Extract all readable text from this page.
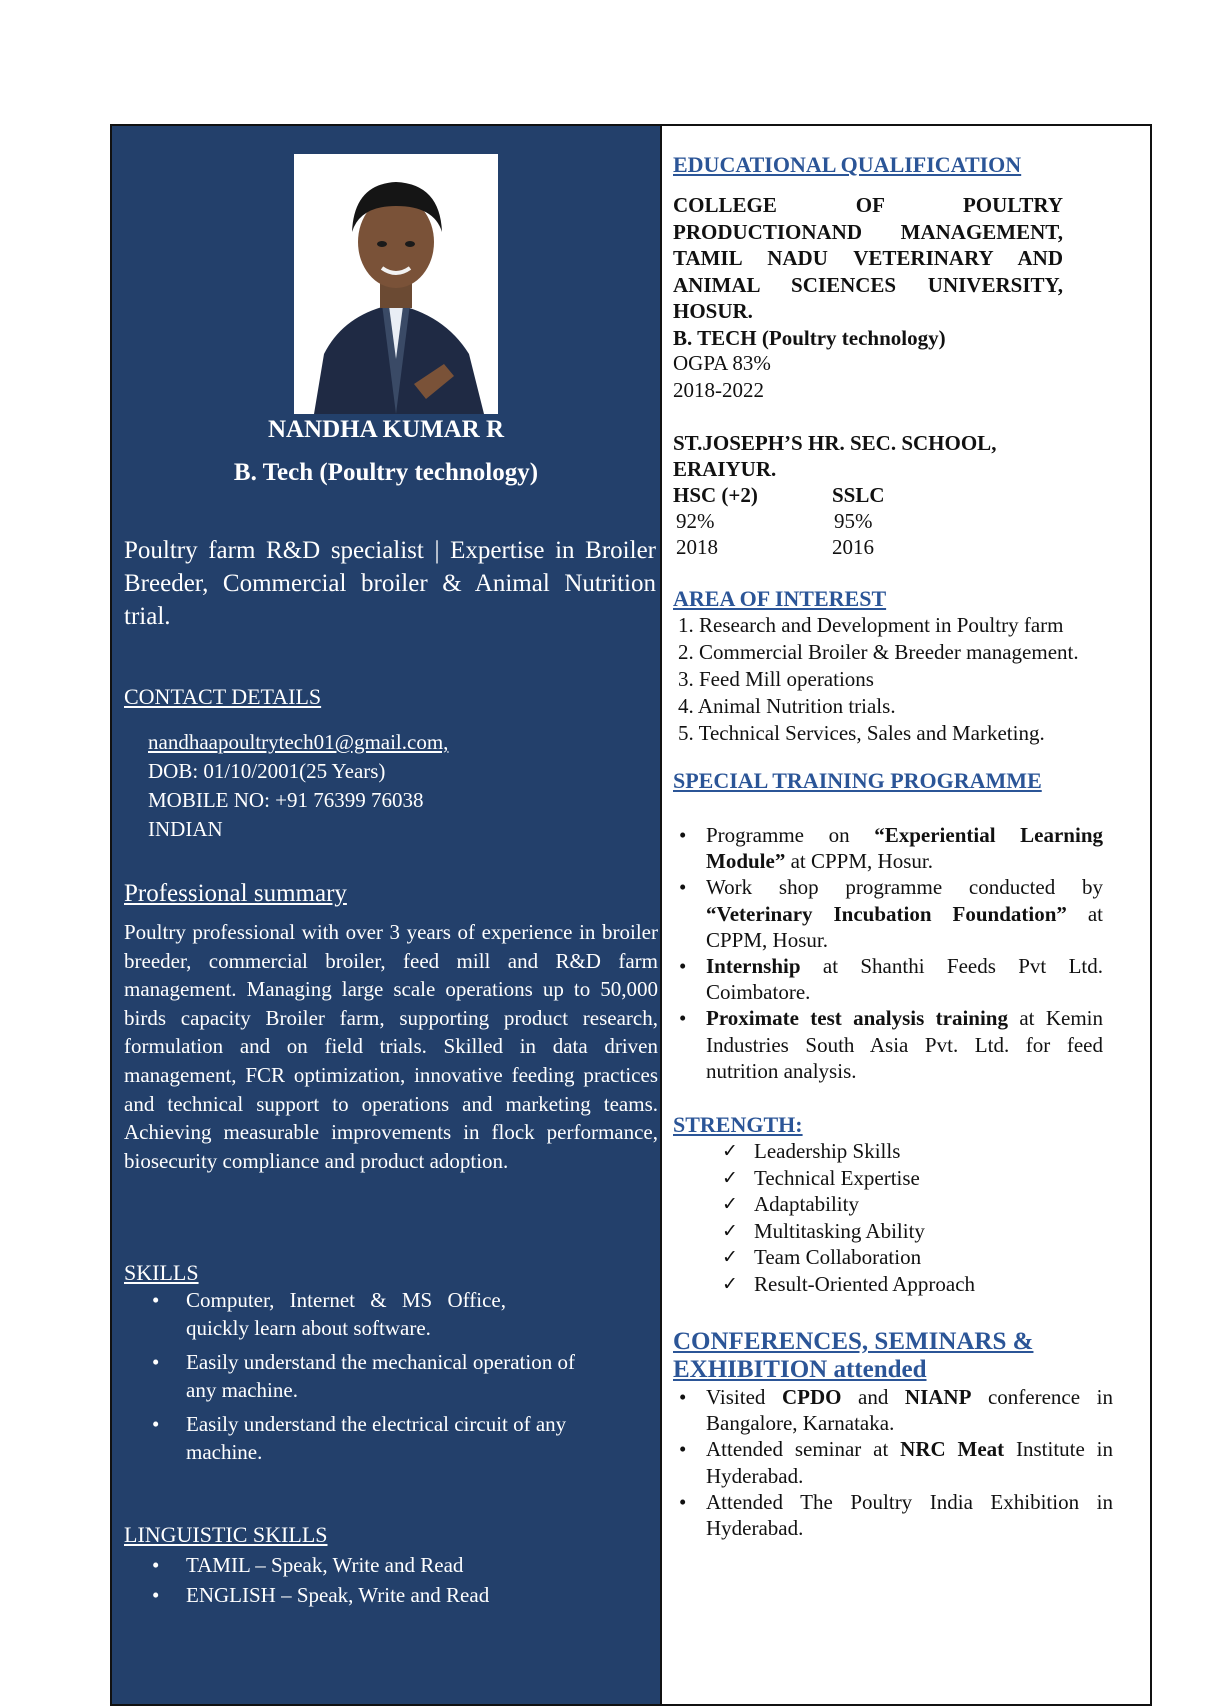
NANDHA KUMAR R
B. Tech (Poultry technology)
Poultry farm R&D specialist | Expertise in Broiler Breeder, Commercial broiler & Animal Nutrition trial.
CONTACT DETAILS
nandhaapoultrytech01@gmail.com,
DOB: 01/10/2001(25 Years)
MOBILE NO: +91 76399 76038
INDIAN
Professional summary

Poultry professional with over 3 years of experience in broiler breeder, commercial broiler, feed mill and R&D farm management. Managing large scale operations up to 50,000 birds capacity Broiler farm, supporting product research, formulation and on field trials. Skilled in data driven management, FCR optimization, innovative feeding practices and technical support to operations and marketing teams. Achieving measurable improvements in flock performance, biosecurity compliance and product adoption.

SKILLS
• Computer, Internet & MS Office, quickly learn about software.
• Easily understand the mechanical operation of any machine.
• Easily understand the electrical circuit of any machine.
LINGUISTIC SKILLS
• TAMIL – Speak, Write and Read
• ENGLISH – Speak, Write and Read
EDUCATIONAL QUALIFICATION
COLLEGE OF POULTRY
PRODUCTIONAND MANAGEMENT, TAMIL NADU VETERINARY AND ANIMAL SCIENCES UNIVERSITY, HOSUR.
B. TECH (Poultry technology)
OGPA 83%
2018-2022
ST.JOSEPH’S HR. SEC. SCHOOL,
ERAIYUR.
HSC (+2)
92%
2018
SSLC
95%
2016
AREA OF INTEREST
1. Research and Development in Poultry farm
2. Commercial Broiler & Breeder management.
3. Feed Mill operations
4. Animal Nutrition trials.
5. Technical Services, Sales and Marketing.
SPECIAL TRAINING PROGRAMME
• Programme on “Experiential Learning Module” at CPPM, Hosur.
• Work shop programme conducted by “Veterinary Incubation Foundation” at CPPM, Hosur.
• Internship at Shanthi Feeds Pvt Ltd. Coimbatore.
• Proximate test analysis training at Kemin Industries South Asia Pvt. Ltd. for feed nutrition analysis.
STRENGTH:
✓ Leadership Skills
✓ Technical Expertise
✓ Adaptability
✓ Multitasking Ability
✓ Team Collaboration
✓ Result-Oriented Approach
CONFERENCES, SEMINARS &
EXHIBITION attended
• Visited CPDO and NIANP conference in Bangalore, Karnataka.
• Attended seminar at NRC Meat Institute in Hyderabad.
• Attended The Poultry India Exhibition in Hyderabad.
